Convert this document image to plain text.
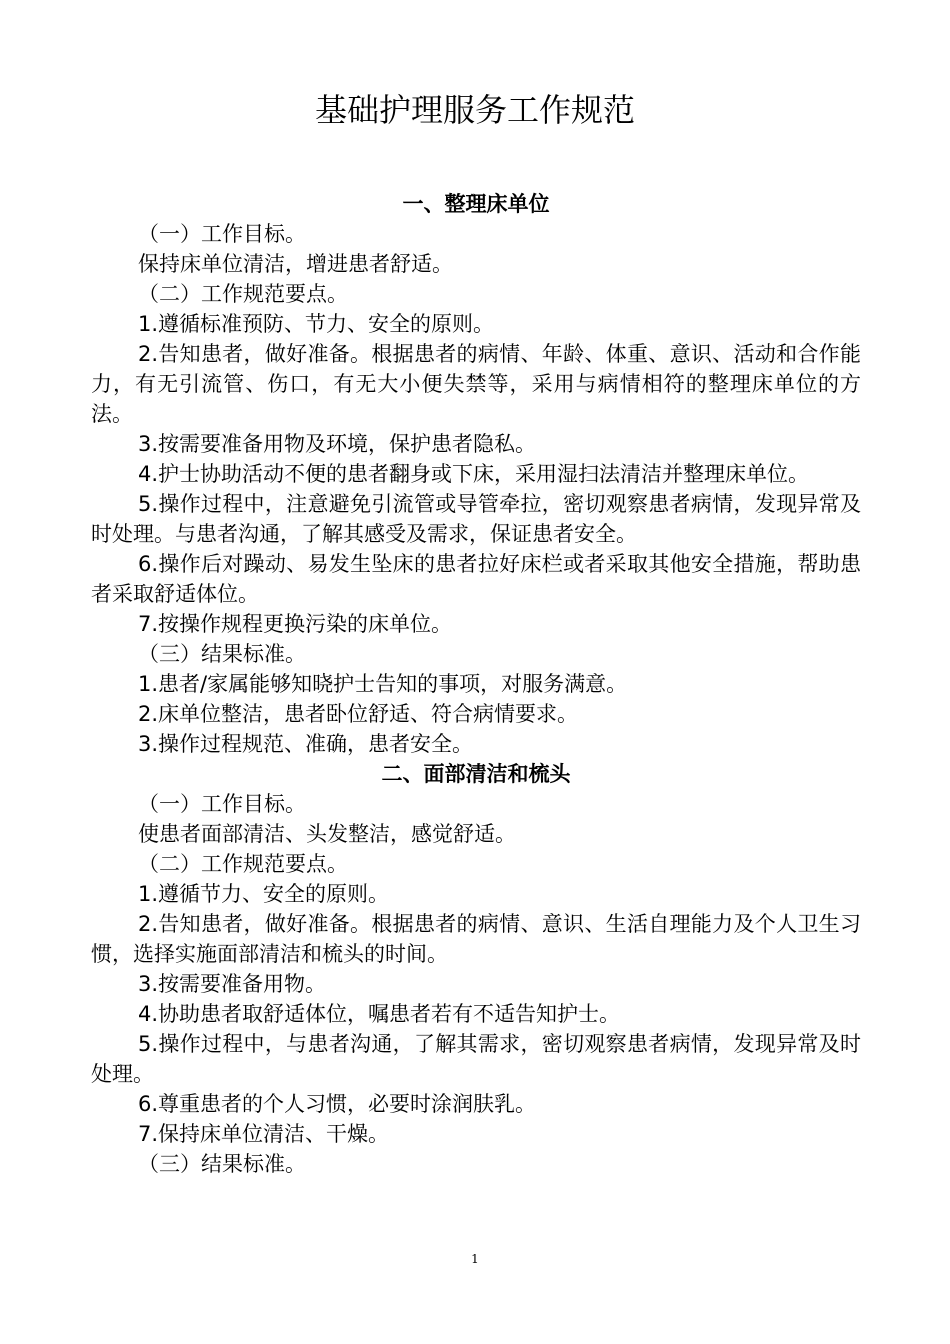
基础护理服务工作规范

一、整理床单位

（一）工作目标。

保持床单位清洁，增进患者舒适。

（二）工作规范要点。

1.遵循标准预防、节力、安全的原则。

2.告知患者，做好准备。根据患者的病情、年龄、体重、意识、活动和合作能力，有无引流管、伤口，有无大小便失禁等，采用与病情相符的整理床单位的方法。

3.按需要准备用物及环境，保护患者隐私。

4.护士协助活动不便的患者翻身或下床，采用湿扫法清洁并整理床单位。

5.操作过程中，注意避免引流管或导管牵拉，密切观察患者病情，发现异常及时处理。与患者沟通，了解其感受及需求，保证患者安全。

6.操作后对躁动、易发生坠床的患者拉好床栏或者采取其他安全措施，帮助患者采取舒适体位。

7.按操作规程更换污染的床单位。

（三）结果标准。

1.患者/家属能够知晓护士告知的事项，对服务满意。

2.床单位整洁，患者卧位舒适、符合病情要求。

3.操作过程规范、准确，患者安全。

二、面部清洁和梳头

（一）工作目标。

使患者面部清洁、头发整洁，感觉舒适。

（二）工作规范要点。

1.遵循节力、安全的原则。

2.告知患者，做好准备。根据患者的病情、意识、生活自理能力及个人卫生习惯，选择实施面部清洁和梳头的时间。

3.按需要准备用物。

4.协助患者取舒适体位，嘱患者若有不适告知护士。

5.操作过程中，与患者沟通，了解其需求，密切观察患者病情，发现异常及时处理。

6.尊重患者的个人习惯，必要时涂润肤乳。

7.保持床单位清洁、干燥。

（三）结果标准。

1
